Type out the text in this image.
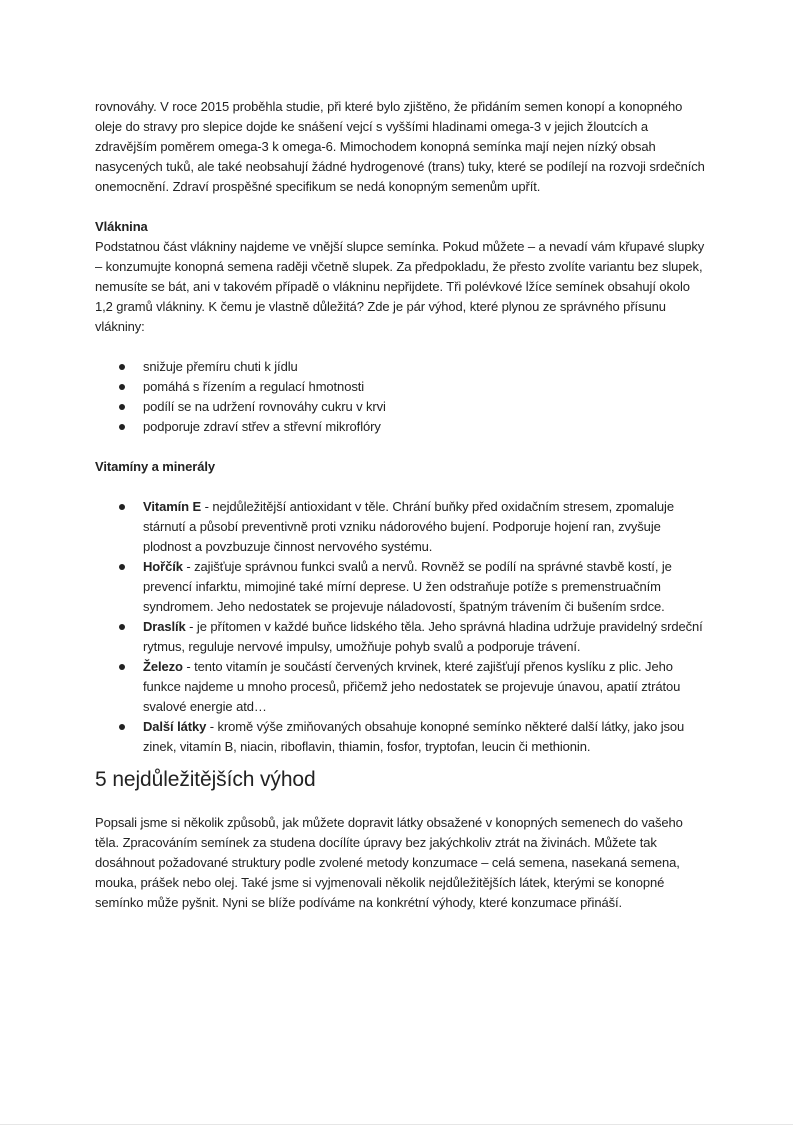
rovnováhy. V roce 2015 proběhla studie, při které bylo zjištěno, že přidáním semen konopí a konopného oleje do stravy pro slepice dojde ke snášení vejcí s vyššími hladinami omega-3 v jejich žloutcích a zdravějším poměrem omega-3 k omega-6. Mimochodem konopná semínka mají nejen nízký obsah nasycených tuků, ale také neobsahují žádné hydrogenové (trans) tuky, které se podílejí na rozvoji srdečních onemocnění. Zdraví prospěšné specifikum se nedá konopným semenům upřít.

Vláknina

Podstatnou část vlákniny najdeme ve vnější slupce semínka. Pokud můžete – a nevadí vám křupavé slupky – konzumujte konopná semena raději včetně slupek. Za předpokladu, že přesto zvolíte variantu bez slupek, nemusíte se bát, ani v takovém případě o vlákninu nepřijdete. Tři polévkové lžíce semínek obsahují okolo 1,2 gramů vlákniny. K čemu je vlastně důležitá? Zde je pár výhod, které plynou ze správného přísunu vlákniny:

snižuje přemíru chuti k jídlu
pomáhá s řízením a regulací hmotnosti
podílí se na udržení rovnováhy cukru v krvi
podporuje zdraví střev a střevní mikroflóry

Vitamíny a minerály

Vitamín E - nejdůležitější antioxidant v těle. Chrání buňky před oxidačním stresem, zpomaluje stárnutí a působí preventivně proti vzniku nádorového bujení. Podporuje hojení ran, zvyšuje plodnost a povzbuzuje činnost nervového systému.
Hořčík - zajišťuje správnou funkci svalů a nervů. Rovněž se podílí na správné stavbě kostí, je prevencí infarktu, mimojiné také mírní deprese. U žen odstraňuje potíže s premenstruačním syndromem. Jeho nedostatek se projevuje náladovostí, špatným trávením či bušením srdce.
Draslík - je přítomen v každé buňce lidského těla. Jeho správná hladina udržuje pravidelný srdeční rytmus, reguluje nervové impulsy, umožňuje pohyb svalů a podporuje trávení.
Železo - tento vitamín je součástí červených krvinek, které zajišťují přenos kyslíku z plic. Jeho funkce najdeme u mnoho procesů, přičemž jeho nedostatek se projevuje únavou, apatií ztrátou svalové energie atd…
Další látky - kromě výše zmiňovaných obsahuje konopné semínko některé další látky, jako jsou zinek, vitamín B, niacin, riboflavin, thiamin, fosfor, tryptofan, leucin či methionin.
5 nejdůležitějších výhod

Popsali jsme si několik způsobů, jak můžete dopravit látky obsažené v konopných semenech do vašeho těla. Zpracováním semínek za studena docílíte úpravy bez jakýchkoliv ztrát na živinách. Můžete tak dosáhnout požadované struktury podle zvolené metody konzumace – celá semena, nasekaná semena, mouka, prášek nebo olej. Také jsme si vyjmenovali několik nejdůležitějších látek, kterými se konopné semínko může pyšnit. Nyni se blíže podíváme na konkrétní výhody, které konzumace přináší.
